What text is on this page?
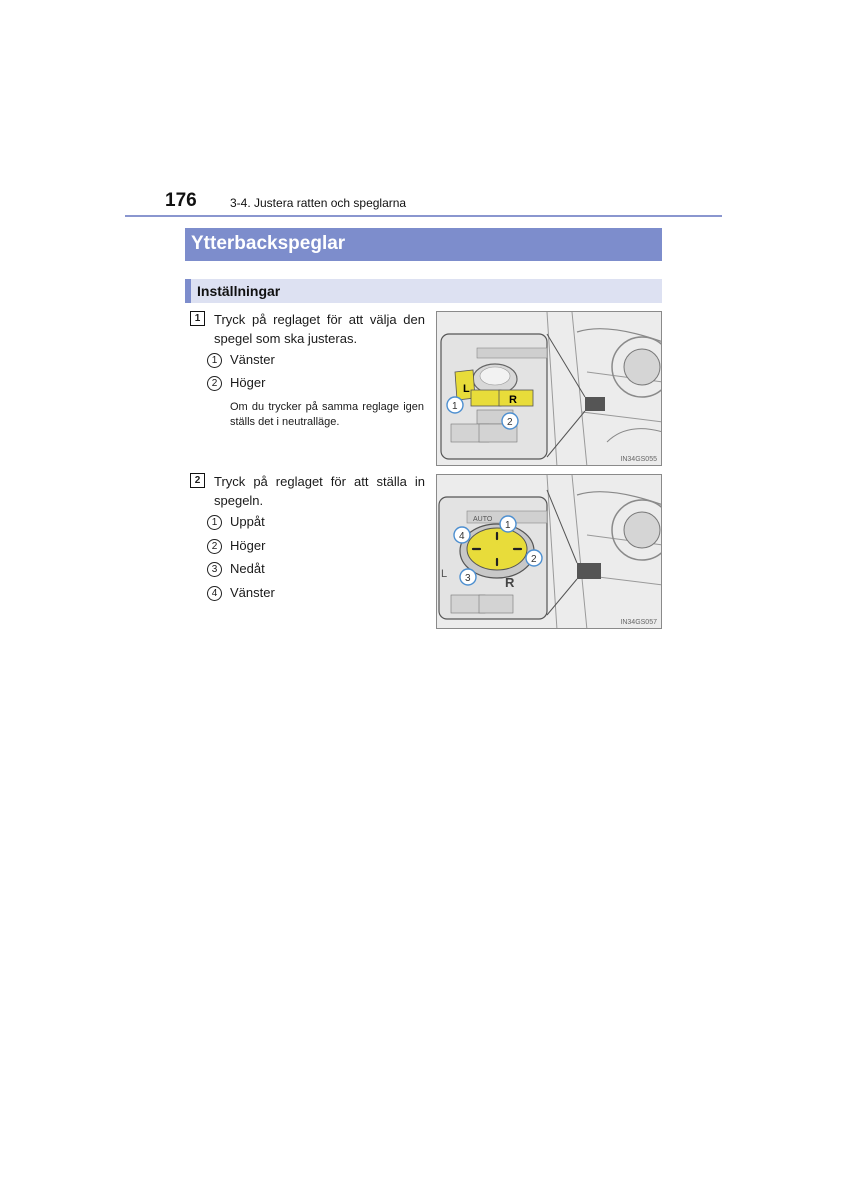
176	3-4. Justera ratten och speglarna
Ytterbackspeglar
Inställningar
1	Tryck på reglaget för att välja den spegel som ska justeras.
1 Vänster
2 Höger
Om du trycker på samma reglage igen ställs det i neutralläge.
L
R
1
2
IN34GS055
2	Tryck på reglaget för att ställa in spegeln.
1 Uppåt
2 Höger
3 Nedåt
4 Vänster
AUTO
R
L
1
2
3
4
IN34GS057
